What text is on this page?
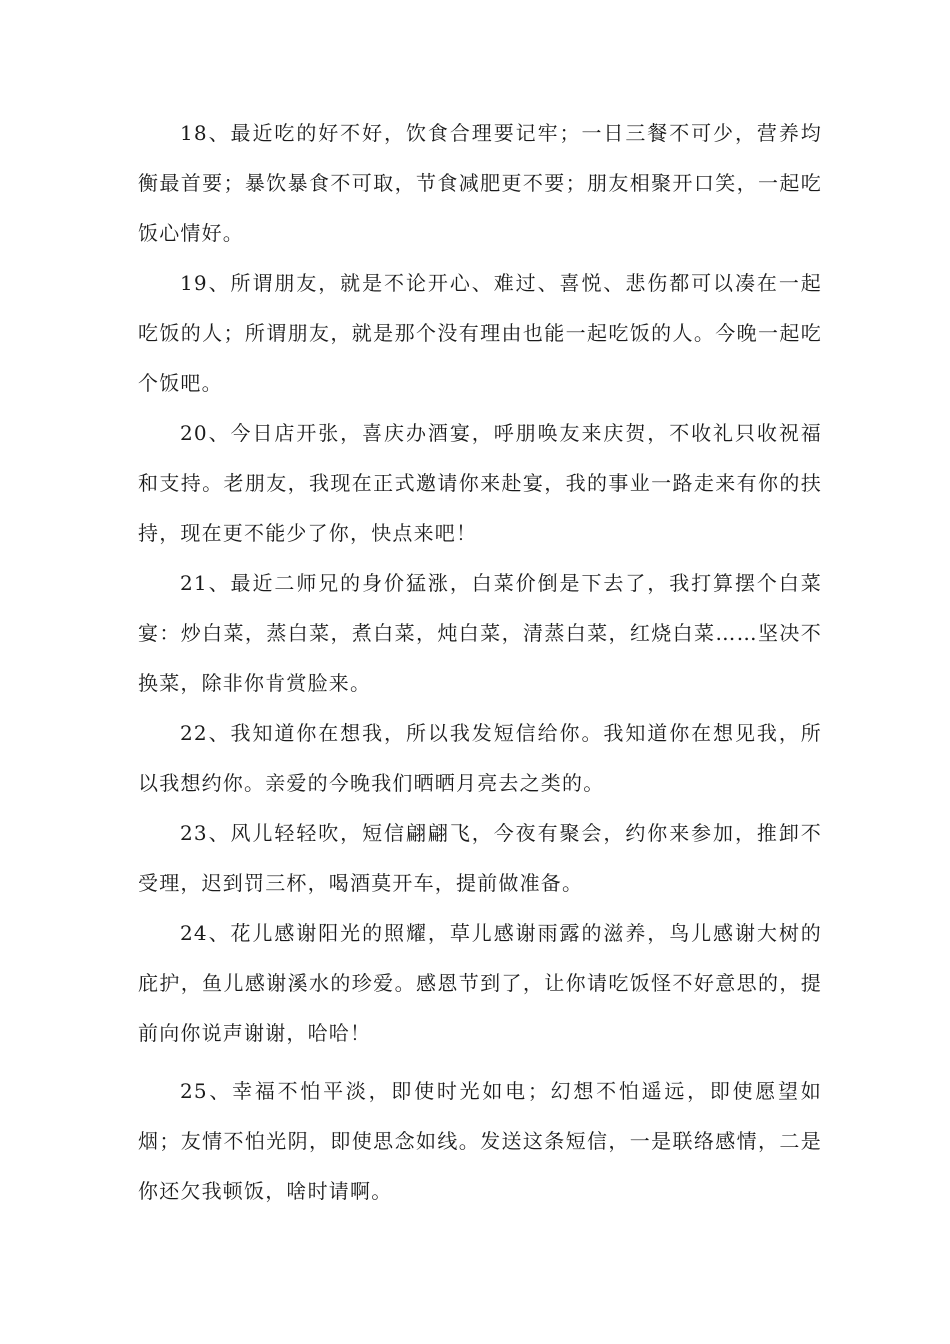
18、最近吃的好不好，饮食合理要记牢；一日三餐不可少，营养均衡最首要；暴饮暴食不可取，节食减肥更不要；朋友相聚开口笑，一起吃饭心情好。

19、所谓朋友，就是不论开心、难过、喜悦、悲伤都可以凑在一起吃饭的人；所谓朋友，就是那个没有理由也能一起吃饭的人。今晚一起吃个饭吧。

20、今日店开张，喜庆办酒宴，呼朋唤友来庆贺，不收礼只收祝福和支持。老朋友，我现在正式邀请你来赴宴，我的事业一路走来有你的扶持，现在更不能少了你，快点来吧！

21、最近二师兄的身价猛涨，白菜价倒是下去了，我打算摆个白菜宴：炒白菜，蒸白菜，煮白菜，炖白菜，清蒸白菜，红烧白菜……坚决不换菜，除非你肯赏脸来。

22、我知道你在想我，所以我发短信给你。我知道你在想见我，所以我想约你。亲爱的今晚我们晒晒月亮去之类的。

23、风儿轻轻吹，短信翩翩飞，今夜有聚会，约你来参加，推卸不受理，迟到罚三杯，喝酒莫开车，提前做准备。

24、花儿感谢阳光的照耀，草儿感谢雨露的滋养，鸟儿感谢大树的庇护，鱼儿感谢溪水的珍爱。感恩节到了，让你请吃饭怪不好意思的，提前向你说声谢谢，哈哈！

25、幸福不怕平淡，即使时光如电；幻想不怕遥远，即使愿望如烟；友情不怕光阴，即使思念如线。发送这条短信，一是联络感情，二是你还欠我顿饭，啥时请啊。
